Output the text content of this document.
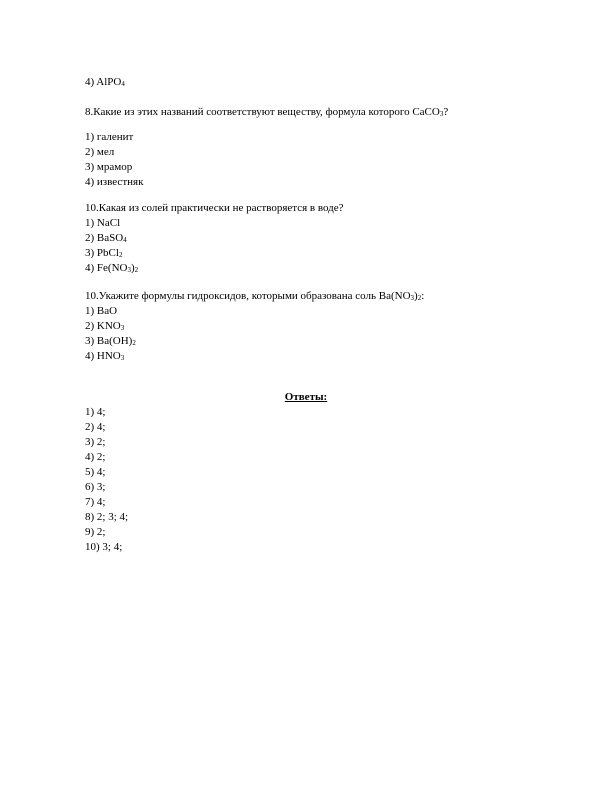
4) AlPO$_4$
8.Какие из этих названий соответствуют веществу, формула которого CaCO$_3$?
1) галенит
2) мел
3) мрамор
4) известняк
10.Какая из солей практически не растворяется в воде?
1) NaCl
2) BaSO$_4$
3) PbCl$_2$
4) $Fe(NO_3)_2$
10.Укажите формулы гидроксидов, которыми образована соль $Ba(NO_3)_2$:
1) BaO
2) $KNO_3$
3) $Ba(OH)_2$
4) $HNO_3$
Ответы:
1) 4;
2) 4;
3) 2;
4) 2;
5) 4;
6) 3;
7) 4;
8) 2; 3; 4;
9) 2;
10) 3; 4;
